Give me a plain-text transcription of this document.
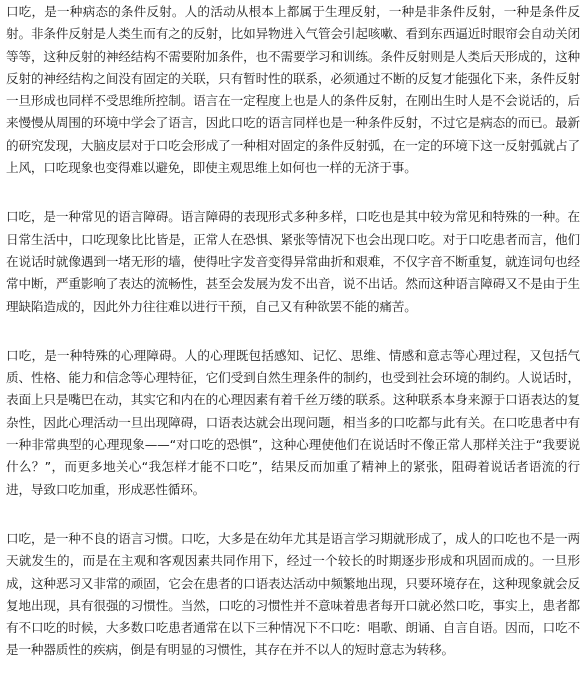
口吃，是一种病态的条件反射。人的活动从根本上都属于生理反射，一种是非条件反射，一种是条件反射。非条件反射是人类生而有之的反射，比如异物进入气管会引起咳嗽、看到东西逼近时眼帘会自动关闭等等，这种反射的神经结构不需要附加条件，也不需要学习和训练。条件反射则是人类后天形成的，这种反射的神经结构之间没有固定的关联，只有暂时性的联系，必须通过不断的反复才能强化下来，条件反射一旦形成也同样不受思维所控制。语言在一定程度上也是人的条件反射，在刚出生时人是不会说话的，后来慢慢从周围的环境中学会了语言，因此口吃的语言同样也是一种条件反射，不过它是病态的而已。最新的研究发现，大脑皮层对于口吃会形成了一种相对固定的条件反射弧，在一定的环境下这一反射弧就占了上风，口吃现象也变得难以避免，即使主观思维上如何也一样的无济于事。

口吃，是一种常见的语言障碍。语言障碍的表现形式多种多样，口吃也是其中较为常见和特殊的一种。在日常生活中，口吃现象比比皆是，正常人在恐惧、紧张等情况下也会出现口吃。对于口吃患者而言，他们在说话时就像遇到一堵无形的墙，使得吐字发音变得异常曲折和艰难，不仅字音不断重复，就连词句也经常中断，严重影响了表达的流畅性，甚至会发展为发不出音，说不出话。然而这种语言障碍又不是由于生理缺陷造成的，因此外力往往难以进行干预，自己又有种欲罢不能的痛苦。

口吃，是一种特殊的心理障碍。人的心理既包括感知、记忆、思维、情感和意志等心理过程，又包括气质、性格、能力和信念等心理特征，它们受到自然生理条件的制约，也受到社会环境的制约。人说话时，表面上只是嘴巴在动，其实它和内在的心理因素有着千丝万缕的联系。这种联系本身来源于口语表达的复杂性，因此心理活动一旦出现障碍，口语表达就会出现问题，相当多的口吃都与此有关。在口吃患者中有一种非常典型的心理现象——“对口吃的恐惧”，这种心理使他们在说话时不像正常人那样关注于“我要说什么？”，而更多地关心“我怎样才能不口吃”，结果反而加重了精神上的紧张，阻碍着说话者语流的行进，导致口吃加重，形成恶性循环。

口吃，是一种不良的语言习惯。口吃，大多是在幼年尤其是语言学习期就形成了，成人的口吃也不是一两天就发生的，而是在主观和客观因素共同作用下，经过一个较长的时期逐步形成和巩固而成的。一旦形成，这种恶习又非常的顽固，它会在患者的口语表达活动中频繁地出现，只要环境存在，这种现象就会反复地出现，具有很强的习惯性。当然，口吃的习惯性并不意味着患者每开口就必然口吃，事实上，患者都有不口吃的时候，大多数口吃患者通常在以下三种情况下不口吃：唱歌、朗诵、自言自语。因而，口吃不是一种器质性的疾病，倒是有明显的习惯性，其存在并不以人的短时意志为转移。
